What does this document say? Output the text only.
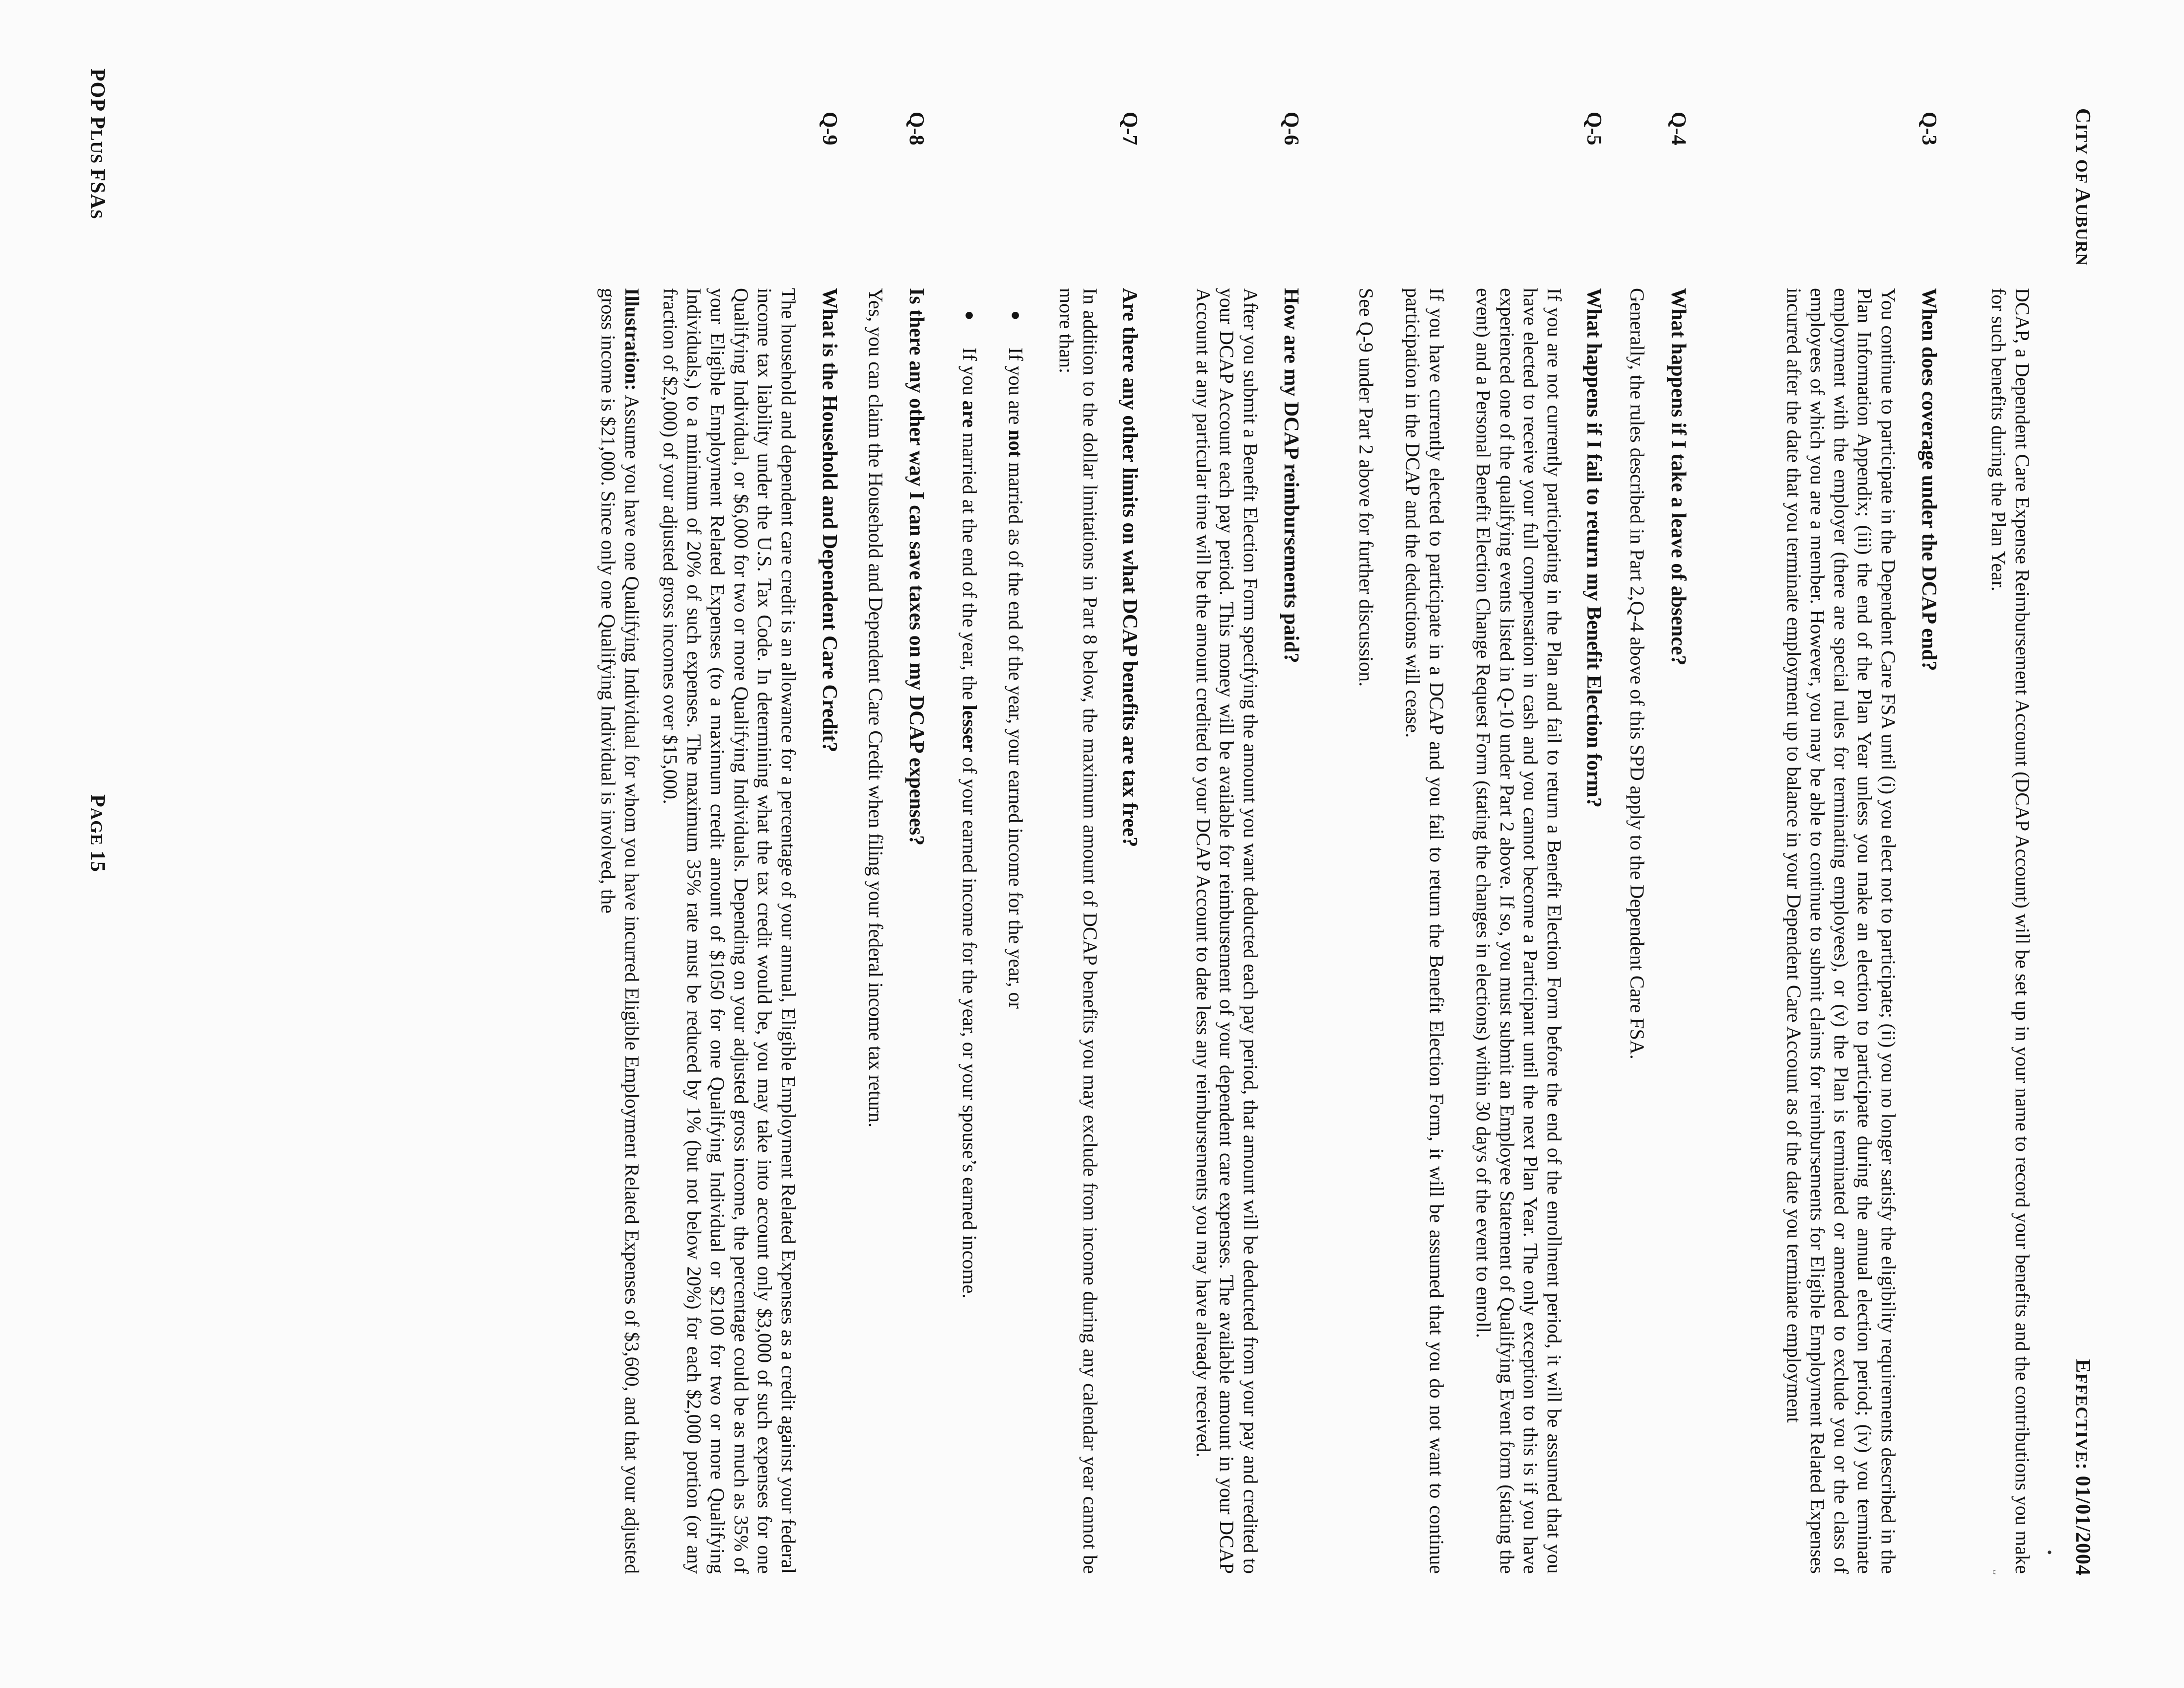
CITY OF AUBURN
EFFECTIVE: 01/01/2004
•
ᴗ DCAP, a Dependent Care Expense Reimbursement Account (DCAP Account) will be set up in your name to record your benefits and the contributions you make for such benefits during the Plan Year.

Q-3
When does coverage under the DCAP end?

You continue to participate in the Dependent Care FSA until (i) you elect not to participate; (ii) you no longer satisfy the eligibility requirements described in the Plan Information Appendix; (iii) the end of the Plan Year unless you make an election to participate during the annual election period; (iv) you terminate employment with the employer (there are special rules for terminating employees), or (v) the Plan is terminated or amended to exclude you or the class of employees of which you are a member. However, you may be able to continue to submit claims for reimbursements for Eligible Employment Related Expenses incurred after the date that you terminate employment up to balance in your Dependent Care Account as of the date you terminate employment

Q-4
What happens if I take a leave of absence?

Generally, the rules described in Part 2,Q-4 above of this SPD apply to the Dependent Care FSA.

Q-5
What happens if I fail to return my Benefit Election form?

If you are not currently participating in the Plan and fail to return a Benefit Election Form before the end of the enrollment period, it will be assumed that you have elected to receive your full compensation in cash and you cannot become a Participant until the next Plan Year. The only exception to this is if you have experienced one of the qualifying events listed in Q-10 under Part 2 above. If so, you must submit an Employee Statement of Qualifying Event form (stating the event) and a Personal Benefit Election Change Request Form (stating the changes in elections) within 30 days of the event to enroll.

If you have currently elected to participate in a DCAP and you fail to return the Benefit Election Form, it will be assumed that you do not want to continue participation in the DCAP and the deductions will cease.

See Q-9 under Part 2 above for further discussion.

Q-6
How are my DCAP reimbursements paid?

After you submit a Benefit Election Form specifying the amount you want deducted each pay period, that amount will be deducted from your pay and credited to your DCAP Account each pay period. This money will be available for reimbursement of your dependent care expenses. The available amount in your DCAP Account at any particular time will be the amount credited to your DCAP Account to date less any reimbursements you may have already received.

Q-7
Are there any other limits on what DCAP benefits are tax free?

In addition to the dollar limitations in Part 8 below, the maximum amount of DCAP benefits you may exclude from income during any calendar year cannot be more than:

●
If you are not married as of the end of the year, your earned income for the year, or
●
If you are married at the end of the year, the lesser of your earned income for the year, or your spouse’s earned income.
Q-8
Is there any other way I can save taxes on my DCAP expenses?

Yes, you can claim the Household and Dependent Care Credit when filing your federal income tax return.

Q-9
What is the Household and Dependent Care Credit?

The household and dependent care credit is an allowance for a percentage of your annual, Eligible Employment Related Expenses as a credit against your federal income tax liability under the U.S. Tax Code. In determining what the tax credit would be, you may take into account only $3,000 of such expenses for one Qualifying Individual, or $6,000 for two or more Qualifying Individuals. Depending on your adjusted gross income, the percentage could be as much as 35% of your Eligible Employment Related Expenses (to a maximum credit amount of $1050 for one Qualifying Individual or $2100 for two or more Qualifying Individuals,) to a minimum of 20% of such expenses. The maximum 35% rate must be reduced by 1% (but not below 20%) for each $2,000 portion (or any fraction of $2,000) of your adjusted gross incomes over $15,000.

Illustration: Assume you have one Qualifying Individual for whom you have incurred Eligible Employment Related Expenses of $3,600, and that your adjusted gross income is $21,000. Since only one Qualifying Individual is involved, the

POP PLUS FSAS
PAGE 15
